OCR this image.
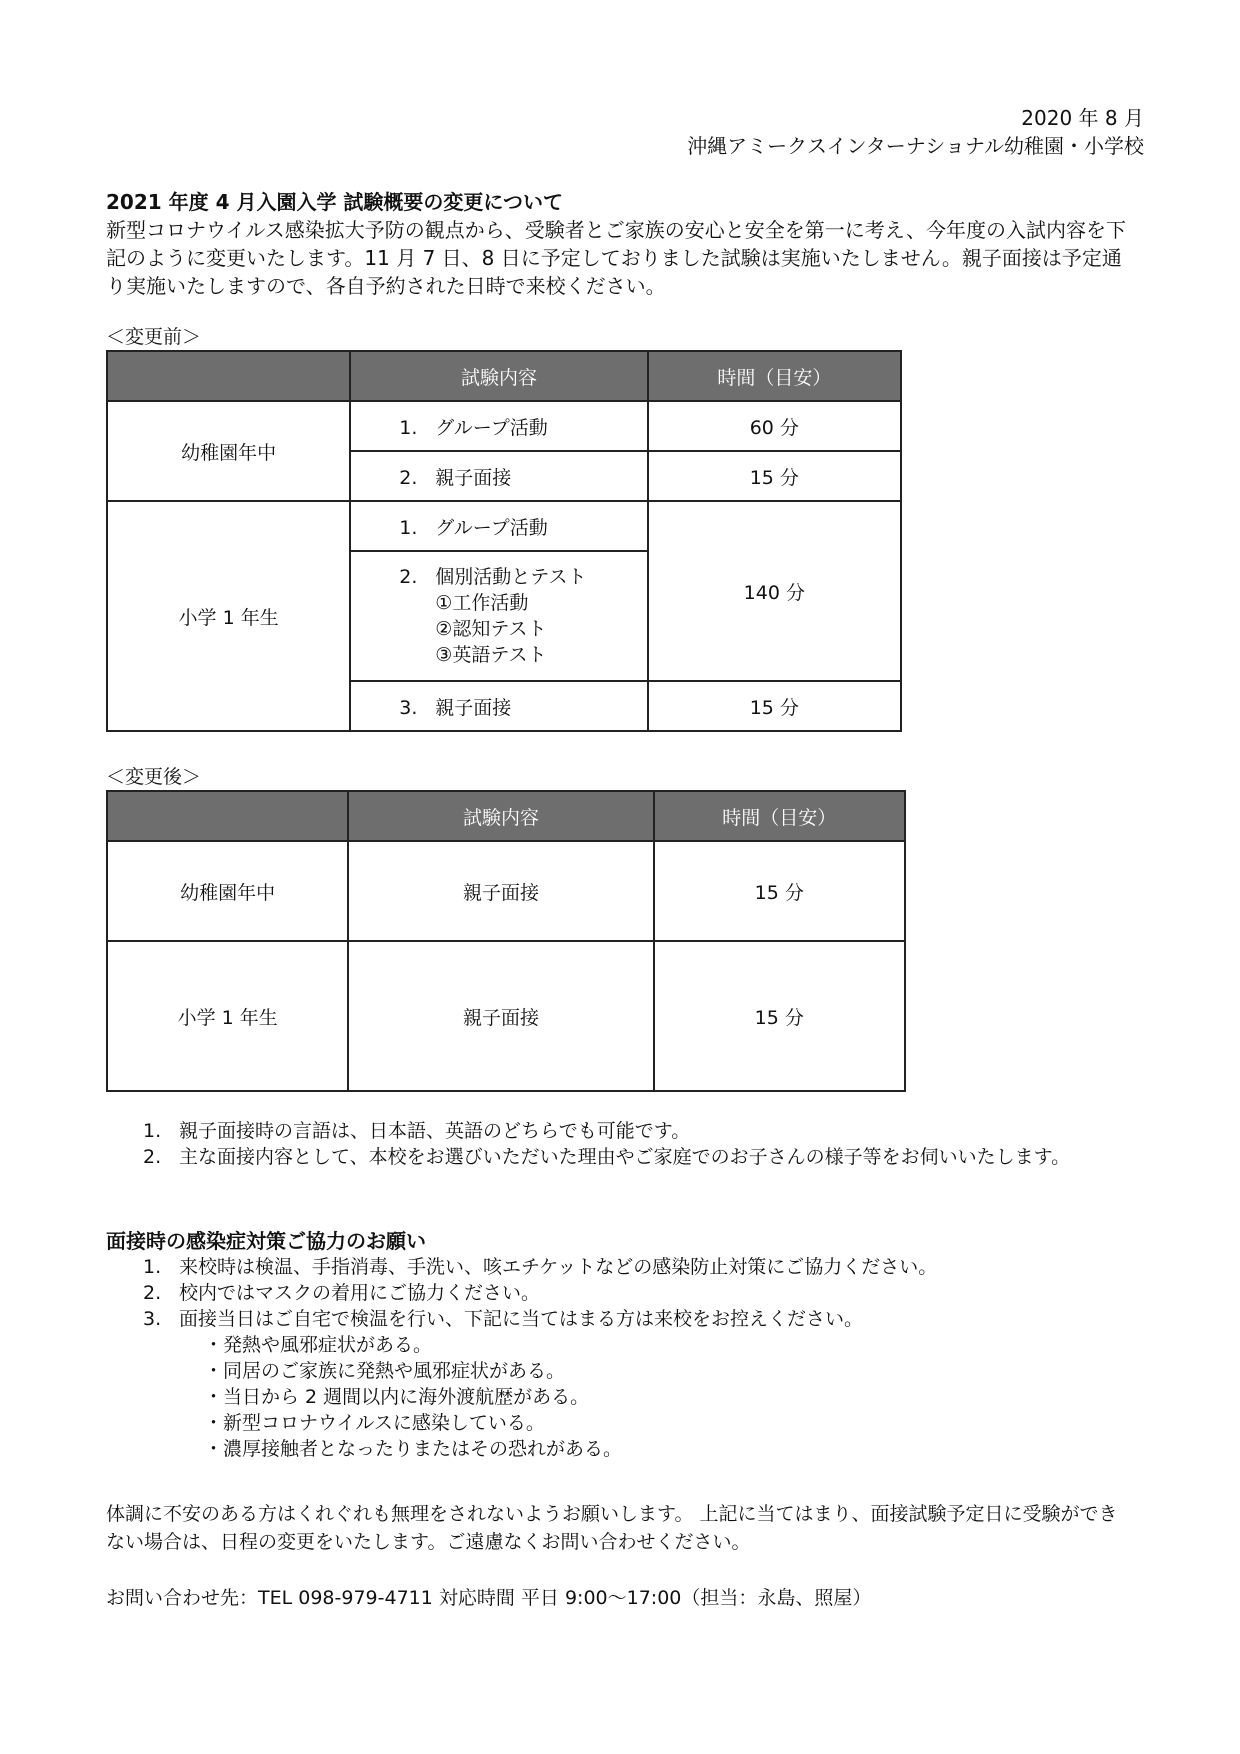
2020 年 8 月
沖縄アミークスインターナショナル幼稚園・小学校
2021 年度 4 月入園入学 試験概要の変更について
新型コロナウイルス感染拡大予防の観点から、受験者とご家族の安心と安全を第一に考え、今年度の入試内容を下記のように変更いたします。11 月 7 日、8 日に予定しておりました試験は実施いたしません。親子面接は予定通り実施いたしますので、各自予約された日時で来校ください。
＜変更前＞
	試験内容	時間（目安）
幼稚園年中	1. グループ活動	60 分
	2. 親子面接	15 分
小学 1 年生	1. グループ活動	140 分

	2. 個別活動とテスト
①工作活動
②認知テスト
③英語テスト	

	3. 親子面接	15 分
＜変更後＞
	試験内容	時間（目安）
幼稚園年中	親子面接	15 分
小学 1 年生	親子面接	15 分
1. 親子面接時の言語は、日本語、英語のどちらでも可能です。
2. 主な面接内容として、本校をお選びいただいた理由やご家庭でのお子さんの様子等をお伺いいたします。
面接時の感染症対策ご協力のお願い
1. 来校時は検温、手指消毒、手洗い、咳エチケットなどの感染防止対策にご協力ください。
2. 校内ではマスクの着用にご協力ください。
3. 面接当日はご自宅で検温を行い、下記に当てはまる方は来校をお控えください。
・発熱や風邪症状がある。
・同居のご家族に発熱や風邪症状がある。
・当日から 2 週間以内に海外渡航歴がある。
・新型コロナウイルスに感染している。
・濃厚接触者となったりまたはその恐れがある。
体調に不安のある方はくれぐれも無理をされないようお願いします。 上記に当てはまり、面接試験予定日に受験ができない場合は、日程の変更をいたします。ご遠慮なくお問い合わせください。
お問い合わせ先：TEL 098-979-4711 対応時間 平日 9:00～17:00（担当：永島、照屋）
